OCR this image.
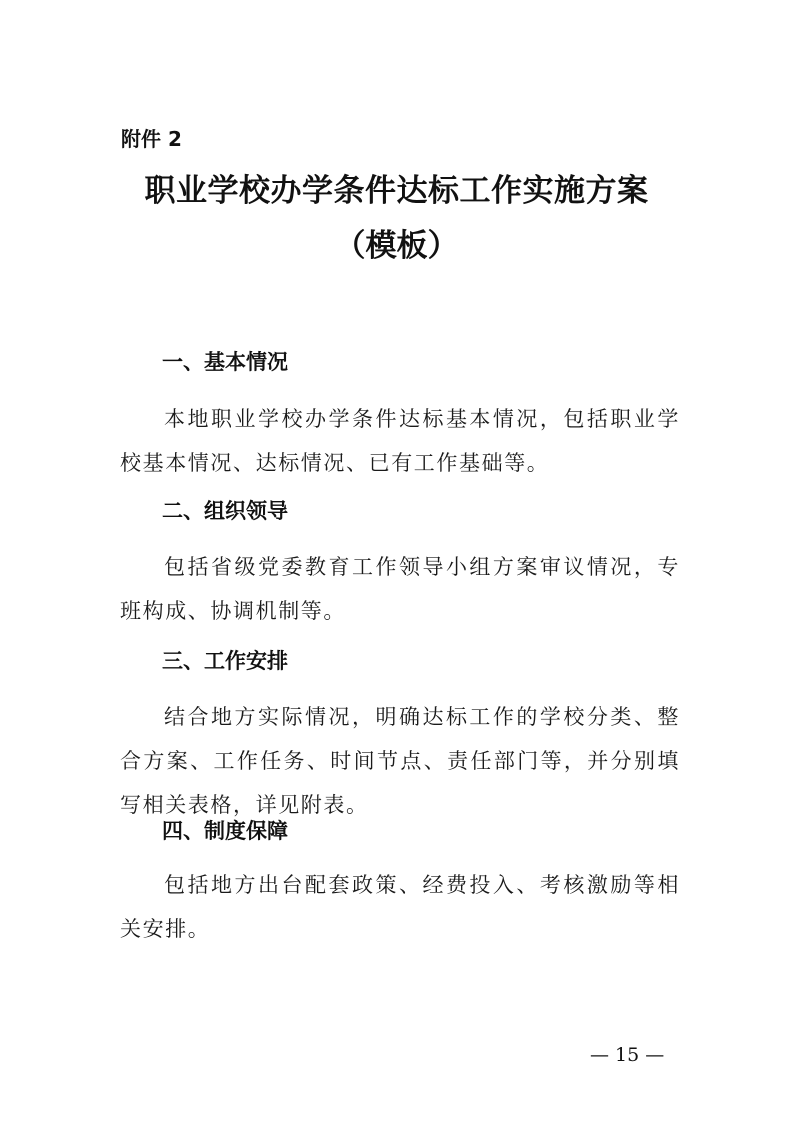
附件 2
职业学校办学条件达标工作实施方案
（模板）
一、基本情况
本地职业学校办学条件达标基本情况，包括职业学校基本情况、达标情况、已有工作基础等。
二、组织领导
包括省级党委教育工作领导小组方案审议情况，专班构成、协调机制等。
三、工作安排
结合地方实际情况，明确达标工作的学校分类、整合方案、工作任务、时间节点、责任部门等，并分别填写相关表格，详见附表。
四、制度保障
包括地方出台配套政策、经费投入、考核激励等相关安排。
— 15 —
